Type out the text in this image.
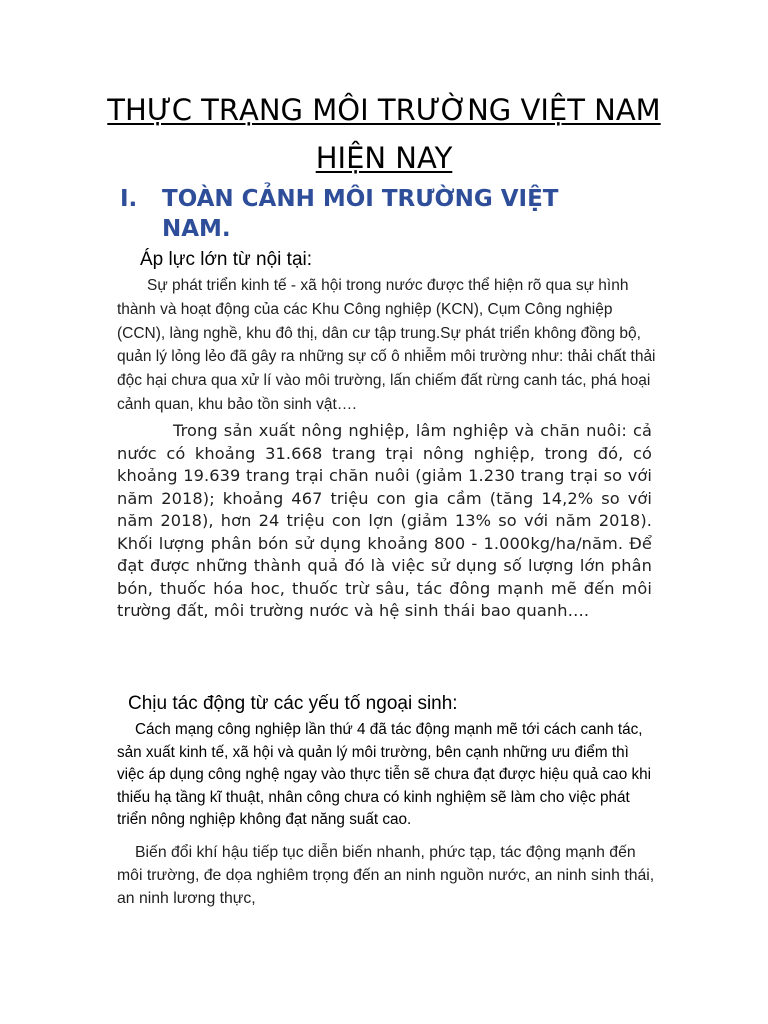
THỰC TRẠNG MÔI TRƯỜNG VIỆT NAM HIỆN NAY
I.	TOÀN CẢNH MÔI TRƯỜNG VIỆT NAM.

Áp lực lớn từ nội tại:

Sự phát triển kinh tế - xã hội trong nước được thể hiện rõ qua sự hình thành và hoạt động của các Khu Công nghiệp (KCN), Cụm Công nghiệp (CCN), làng nghề, khu đô thị, dân cư tập trung.Sự phát triển không đồng bộ, quản lý lỏng lẻo đã gây ra những sự cố ô nhiễm môi trường như: thải chất thải độc hại chưa qua xử lí vào môi trường, lấn chiếm đất rừng canh tác, phá hoại cảnh quan, khu bảo tồn sinh vật….

Trong sản xuất nông nghiệp, lâm nghiệp và chăn nuôi: cả nước có khoảng 31.668 trang trại nông nghiệp, trong đó, có khoảng 19.639 trang trại chăn nuôi (giảm 1.230 trang trại so với năm 2018); khoảng 467 triệu con gia cầm (tăng 14,2% so với năm 2018), hơn 24 triệu con lợn (giảm 13% so với năm 2018). Khối lượng phân bón sử dụng khoảng 800 - 1.000kg/ha/năm. Để đạt được những thành quả đó là việc sử dụng số lượng lớn phân bón, thuốc hóa hoc, thuốc trừ sâu, tác đông mạnh mẽ đến môi trường đất, môi trường nước và hệ sinh thái bao quanh….

Chịu tác động từ các yếu tố ngoại sinh:

Cách mạng công nghiệp lần thứ 4 đã tác động mạnh mẽ tới cách canh tác, sản xuất kinh tế, xã hội và quản lý môi trường, bên cạnh những ưu điểm thì việc áp dụng công nghệ ngay vào thực tiễn sẽ chưa đạt được hiệu quả cao khi thiếu hạ tầng kĩ thuật, nhân công chưa có kinh nghiệm sẽ làm cho việc phát triển nông nghiệp không đạt năng suất cao.

Biến đổi khí hậu tiếp tục diễn biến nhanh, phức tạp, tác động mạnh đến môi trường, đe dọa nghiêm trọng đến an ninh nguồn nước, an ninh sinh thái, an ninh lương thực,
